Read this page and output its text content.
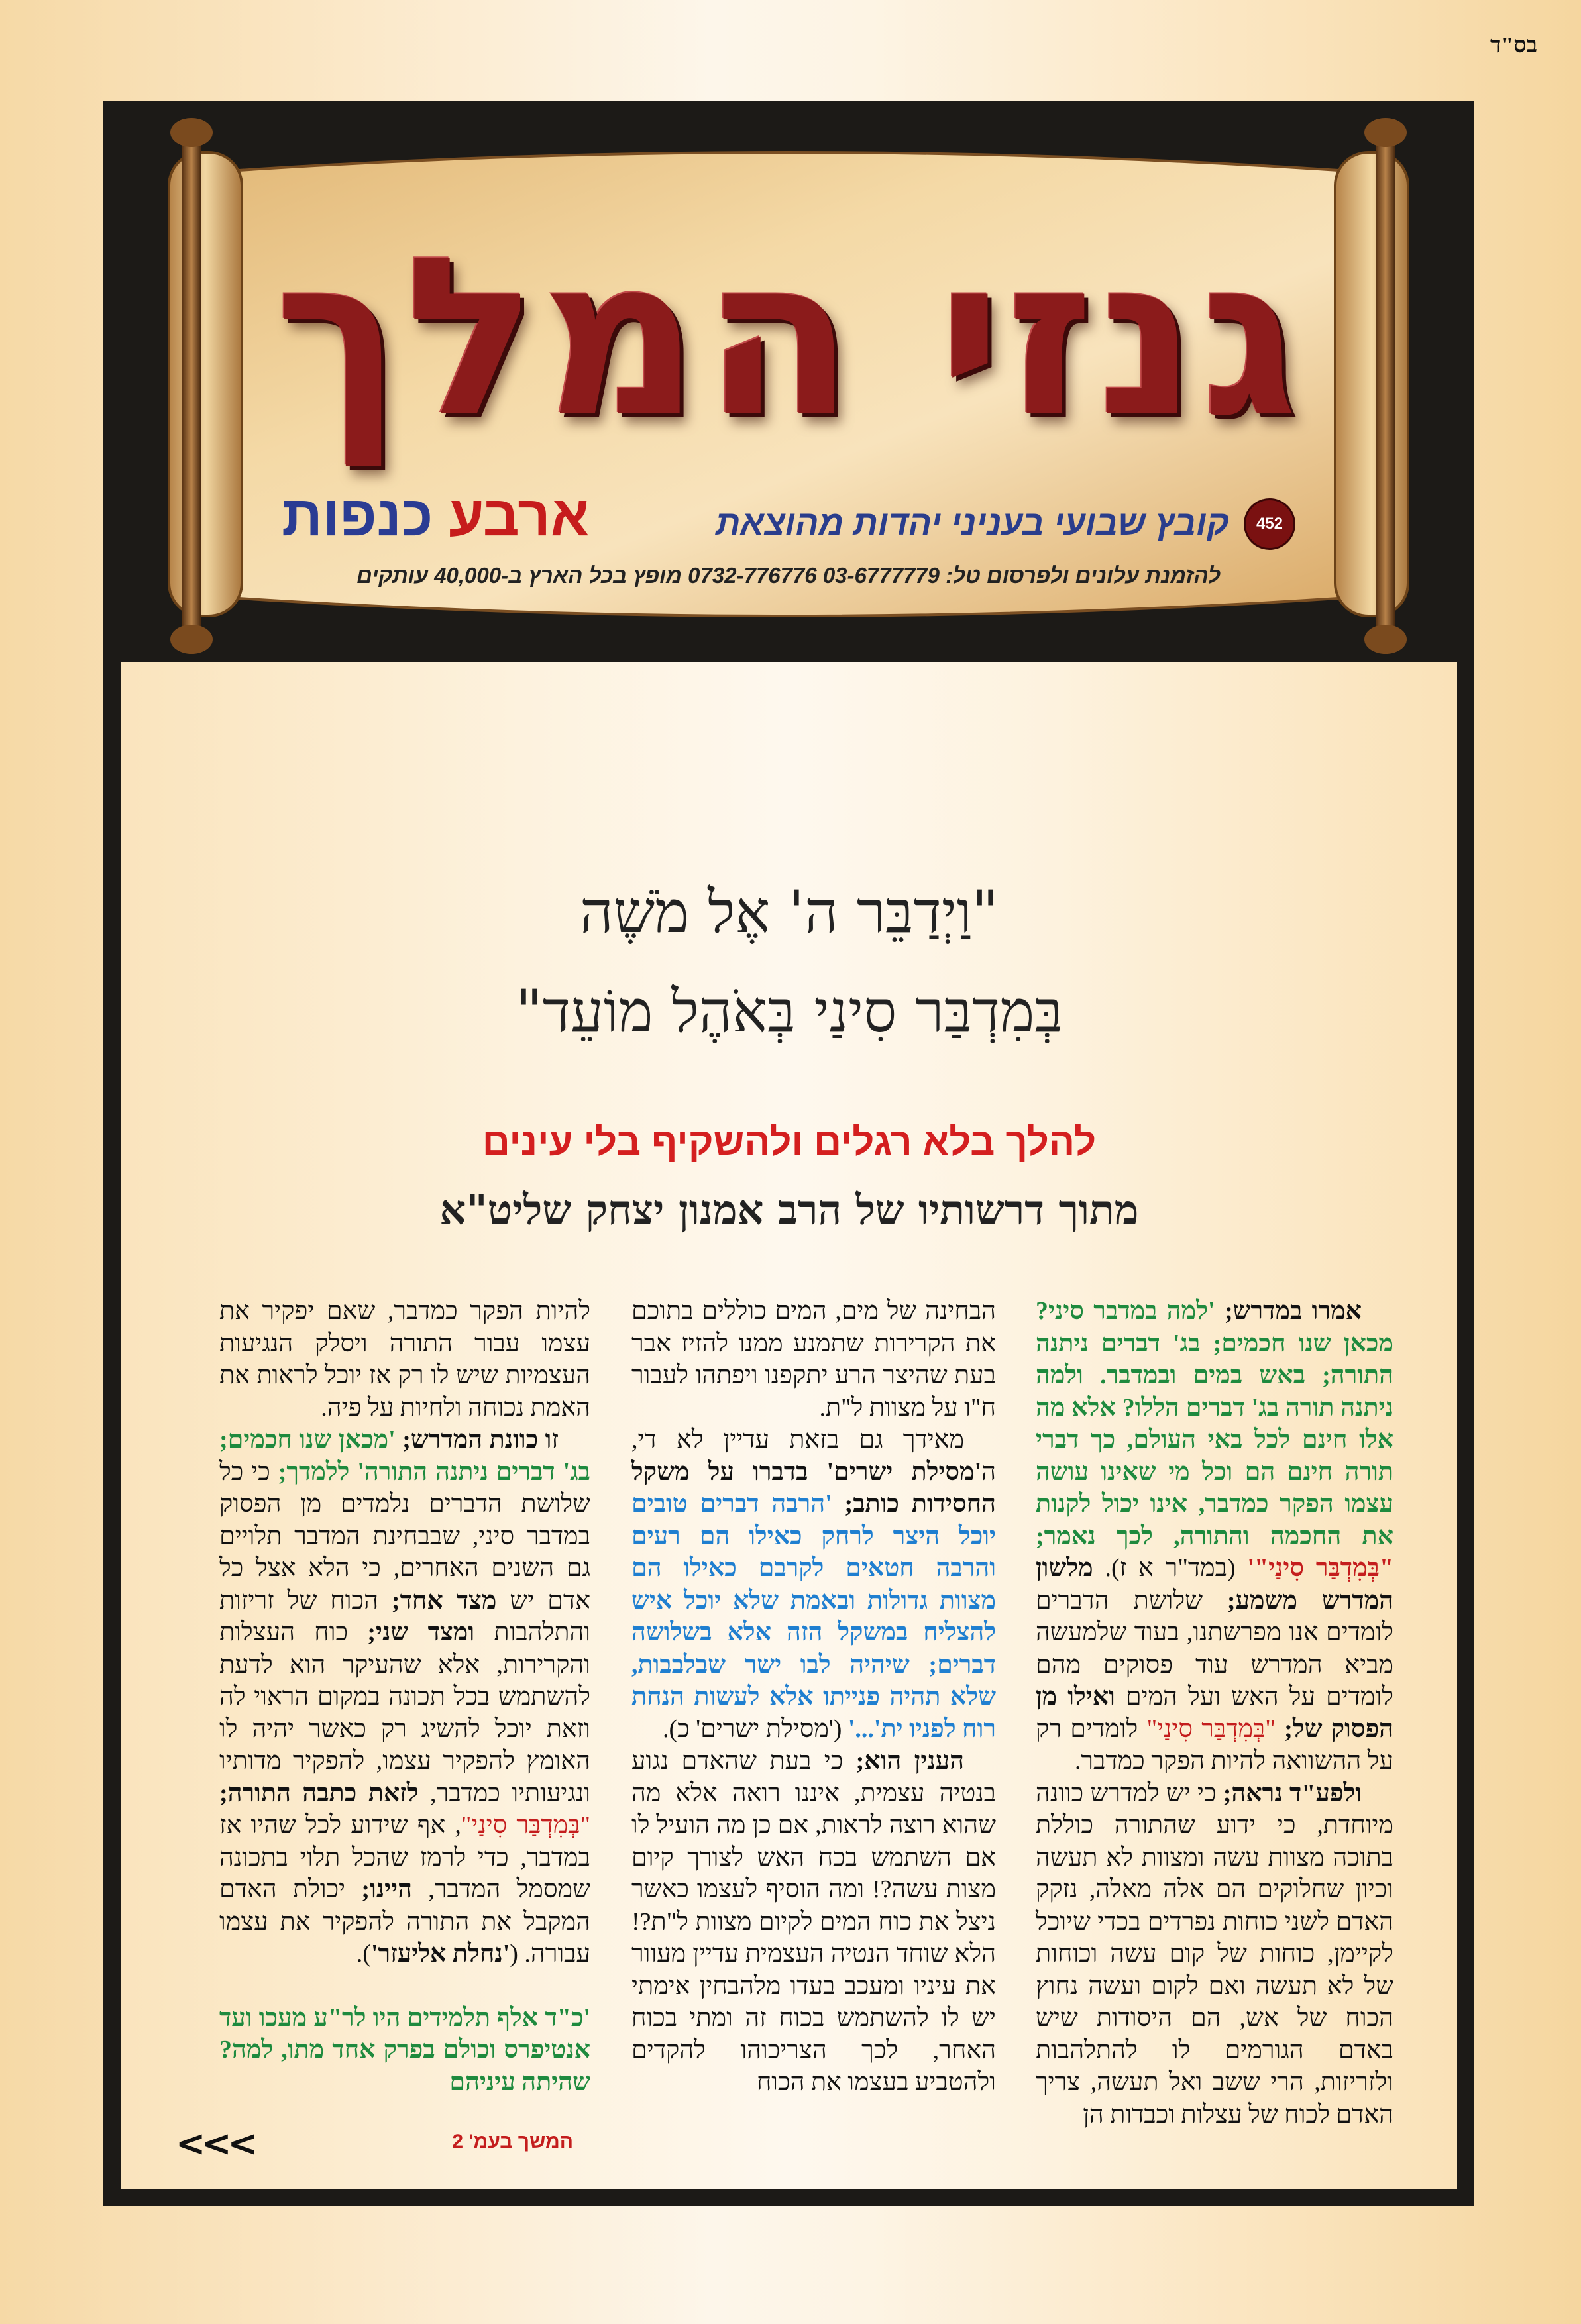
בס"ד
גנזי המלך
452
קובץ שבועי בעניני יהדות מהוצאת
ארבע כנפות
להזמנת עלונים ולפרסום טל: 03-6777779 0732-776776 מופץ בכל הארץ ב-40,000 עותקים
"וַיְדַבֵּר ה' אֶל מֹשֶׁה
בְּמִדְבַּר סִינַי בְּאֹהֶל מוֹעֵד"
להלך בלא רגלים ולהשקיף בלי עינים
מתוך דרשותיו של הרב אמנון יצחק שליט"א

אמרו במדרש; 'למה במדבר סיני? מכאן שנו חכמים; בג' דברים ניתנה התורה; באש במים ובמדבר. ולמה ניתנה תורה בג' דברים הללו? אלא מה אלו חינם לכל באי העולם, כך דברי תורה חינם הם וכל מי שאינו עושה עצמו הפקר כמדבר, אינו יכול לקנות את החכמה והתורה, לכך נאמר; "בְּמִדְבַּר סִינַי"' (במד"ר א ז). מלשון המדרש משמע; שלושת הדברים לומדים אנו מפרשתנו, בעוד שלמעשה מביא המדרש עוד פסוקים מהם לומדים על האש ועל המים ואילו מן הפסוק של; "בְּמִדְבַּר סִינַי" לומדים רק על ההשוואה להיות הפקר כמדבר.

ולפע"ד נראה; כי יש למדרש כוונה מיוחדת, כי ידוע שהתורה כוללת בתוכה מצוות עשה ומצוות לא תעשה וכיון שחלוקים הם אלה מאלה, נזקק האדם לשני כוחות נפרדים בכדי שיוכל לקיימן, כוחות של קום עשה וכוחות של לא תעשה ואם לקום ועשה נחוץ הכוח של אש, הם היסודות שיש באדם הגורמים לו להתלהבות ולזריזות, הרי ששב ואל תעשה, צריך האדם לכוח של עצלות וכבדות הן

הבחינה של מים, המים כוללים בתוכם את הקרירות שתמנע ממנו להזיז אבר בעת שהיצר הרע יתקפנו ויפתהו לעבור ח"ו על מצוות ל"ת.

מאידך גם בזאת עדיין לא די, ה'מסילת ישרים' בדברו על משקל החסידות כותב; 'הרבה דברים טובים יוכל היצר לרחק כאילו הם רעים והרבה חטאים לקרבם כאילו הם מצוות גדולות ובאמת שלא יוכל איש להצליח במשקל הזה אלא בשלושה דברים; שיהיה לבו ישר שבלבבות, שלא תהיה פנייתו אלא לעשות הנחת רוח לפניו ית'...' ('מסילת ישרים' כ).

הענין הוא; כי בעת שהאדם נגוע בנטיה עצמית, איננו רואה אלא מה שהוא רוצה לראות, אם כן מה הועיל לו אם השתמש בכח האש לצורך קיום מצות עשה?! ומה הוסיף לעצמו כאשר ניצל את כוח המים לקיום מצוות ל"ת?! הלא שוחד הנטיה העצמית עדיין מעוור את עיניו ומעכב בעדו מלהבחין אימתי יש לו להשתמש בכוח זה ומתי בכוח האחר, לכך הצריכוהו להקדים ולהטביע בעצמו את הכוח

להיות הפקר כמדבר, שאם יפקיר את עצמו עבור התורה ויסלק הנגיעות העצמיות שיש לו רק אז יוכל לראות את האמת נכוחה ולחיות על פיה.

זו כוונת המדרש; 'מכאן שנו חכמים; בג' דברים ניתנה התורה' ללמדך; כי כל שלושת הדברים נלמדים מן הפסוק במדבר סיני, שבבחינת המדבר תלויים גם השנים האחרים, כי הלא אצל כל אדם יש מצד אחד; הכוח של זריזות והתלהבות ומצד שני; כוח העצלות והקרירות, אלא שהעיקר הוא לדעת להשתמש בכל תכונה במקום הראוי לה וזאת יוכל להשיג רק כאשר יהיה לו האומץ להפקיר עצמו, להפקיר מדותיו ונגיעותיו כמדבר, לזאת כתבה התורה; "בְּמִדְבַּר סִינַי", אף שידוע לכל שהיו אז במדבר, כדי לרמז שהכל תלוי בתכונה שמסמל המדבר, היינו; יכולת האדם המקבל את התורה להפקיר את עצמו עבורה. ('נחלת אליעזר').

'כ"ד אלף תלמידים היו לר"ע מעכו ועד אנטיפרס וכולם בפרק אחד מתו, למה? שהיתה עיניהם

המשך בעמ' 2
<<<
